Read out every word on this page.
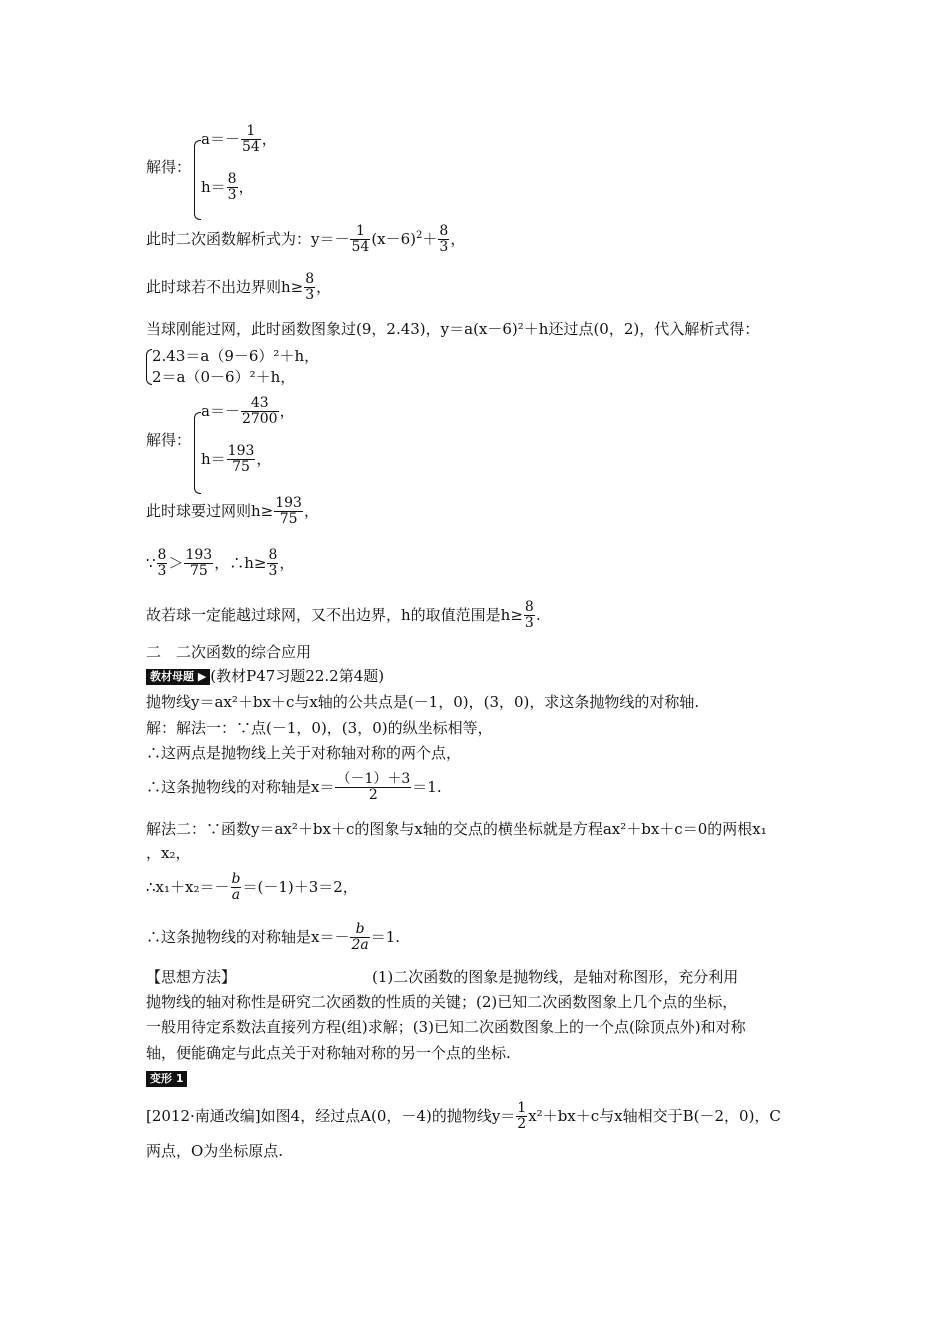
解得：
$a=- \frac{1}{54}$ ，
$h= \frac{8}{3}$ ，
此时二次函数解析式为：$y=- \frac{1}{54} (x-6)^2+ \frac{8}{3}$ ，
此时球若不出边界则$h\ge \frac{8}{3}$ ，
当球刚能过网，此时函数图象过(9，2.43)，y＝a(x－6)²＋h还过点(0，2)，代入解析式得：
2.43＝a（9－6）²＋h，
2＝a（0－6）²＋h，
解得：
$a=- \frac{43}{2700}$ ，
$h= \frac{193}{75}$ ，
此时球要过网则$h\ge \frac{193}{75}$ ，
∵ $\frac{8}{3} > \frac{193}{75}$ ，∴h≥ $\frac{8}{3}$ ，
故若球一定能越过球网，又不出边界，h的取值范围是$h\ge \frac{8}{3}$ .
二　二次函数的综合应用
教材母题 ▶ (教材P47习题22.2第4题)
抛物线y＝ax²＋bx＋c与x轴的公共点是(－1，0)，(3，0)，求这条抛物线的对称轴.
解：解法一：∵点(－1，0)，(3，0)的纵坐标相等，
∴这两点是抛物线上关于对称轴对称的两个点，
∴这条抛物线的对称轴是$x= \frac{(-1)+3}{2} =1$.
解法二：∵函数y＝ax²＋bx＋c的图象与x轴的交点的横坐标就是方程ax²＋bx＋c＝0的两根x₁
，x₂，
∴x₁＋x₂＝－ $\frac{b}{a} =(-1)+3=2$，
∴这条抛物线的对称轴是$x=- \frac{b}{2a} =1$.
【思想方法】	(1)二次函数的图象是抛物线，是轴对称图形，充分利用
抛物线的轴对称性是研究二次函数的性质的关键；(2)已知二次函数图象上几个点的坐标，
一般用待定系数法直接列方程(组)求解；(3)已知二次函数图象上的一个点(除顶点外)和对称
轴，便能确定与此点关于对称轴对称的另一个点的坐标.
变形 1
[2012·南通改编]如图4，经过点A(0，－4)的抛物线$y= \frac{1}{2} x^2+bx+c$与x轴相交于B(－2，0)，C
两点，O为坐标原点.
